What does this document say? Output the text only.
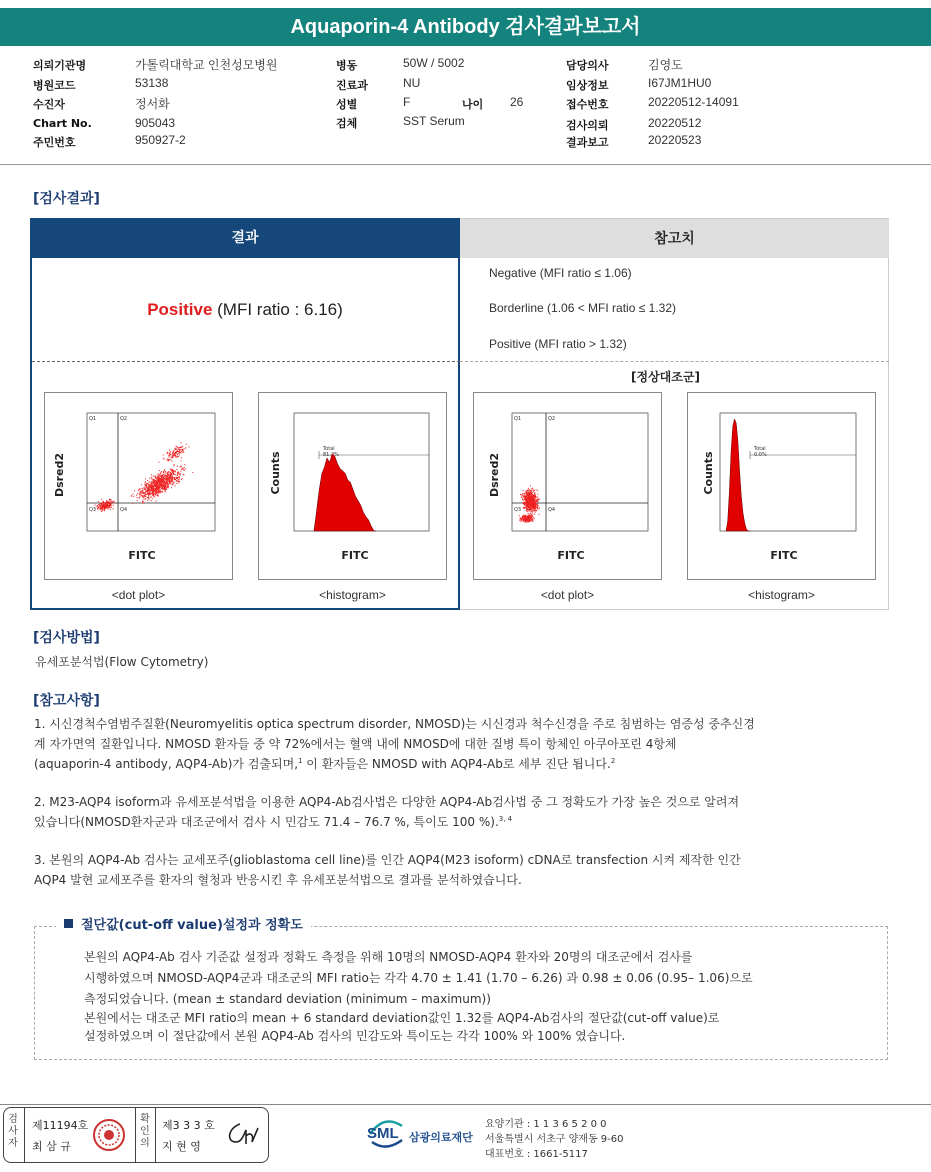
Aquaporin-4 Antibody 검사결과보고서
의뢰기관명	가톨릭대학교 인천성모병원
병원코드	53138
수진자	정서화
Chart No.	905043
주민번호	950927-2
병동	50W / 5002
진료과	NU
성별	F	나이 26
검체	SST Serum
담당의사	김영도
임상정보	I67JM1HU0
접수번호	20220512-14091
검사의뢰	20220512
결과보고	20220523
[검사결과]
결과	참고치
Positive (MFI ratio : 6.16)
Negative (MFI ratio ≤ 1.06)
Borderline (1.06 < MFI ratio ≤ 1.32)
Positive (MFI ratio > 1.32)
[정상대조군]
Q1	Q2
Q3	Q4
Dsred2
FITC
<dot plot>
Total
81.2%
Counts
FITC
<histogram>
Q1	Q2
Q3	Q4
Dsred2
FITC
<dot plot>
Total
0.0%
Counts
FITC
<histogram>
[검사방법]
유세포분석법(Flow Cytometry)
[참고사항]
1. 시신경척수염범주질환(Neuromyelitis optica spectrum disorder, NMOSD)는 시신경과 척수신경을 주로 침범하는 염증성 중추신경
계 자가면역 질환입니다. NMOSD 환자들 중 약 72%에서는 혈액 내에 NMOSD에 대한 질병 특이 항체인 아쿠아포린 4항체
(aquaporin-4 antibody, AQP4-Ab)가 검출되며,$^1$ 이 환자들은 NMOSD with AQP4-Ab로 세부 진단 됩니다.$^2$
2. M23-AQP4 isoform과 유세포분석법을 이용한 AQP4-Ab검사법은 다양한 AQP4-Ab검사법 중 그 정확도가 가장 높은 것으로 알려져
있습니다(NMOSD환자군과 대조군에서 검사 시 민감도 71.4 – 76.7 %, 특이도 100 %).$^{3, 4}$
3. 본원의 AQP4-Ab 검사는 교세포주(glioblastoma cell line)를 인간 AQP4(M23 isoform) cDNA로 transfection 시켜 제작한 인간
AQP4 발현 교세포주를 환자의 혈청과 반응시킨 후 유세포분석법으로 결과를 분석하였습니다.
절단값(cut-off value)설정과 정확도
본원의 AQP4-Ab 검사 기준값 설정과 정확도 측정을 위해 10명의 NMOSD-AQP4 환자와 20명의 대조군에서 검사를
시행하였으며 NMOSD-AQP4군과 대조군의 MFI ratio는 각각 4.70 ± 1.41 (1.70 – 6.26) 과 0.98 ± 0.06 (0.95– 1.06)으로
측정되었습니다. (mean ± standard deviation (minimum – maximum))
본원에서는 대조군 MFI ratio의 mean + 6 standard deviation값인 1.32를 AQP4-Ab검사의 절단값(cut-off value)로
설정하였으며 이 절단값에서 본원 AQP4-Ab 검사의 민감도와 특이도는 각각 100% 와 100% 였습니다.
검사자
제11194호
최 삼 규
확인의
제3 3 3 호
지 현 영
SML 삼광의료재단
요양기관 : 1 1 3 6 5 2 0 0
서울특별시 서초구 양재동 9-60
대표번호 : 1661-5117
